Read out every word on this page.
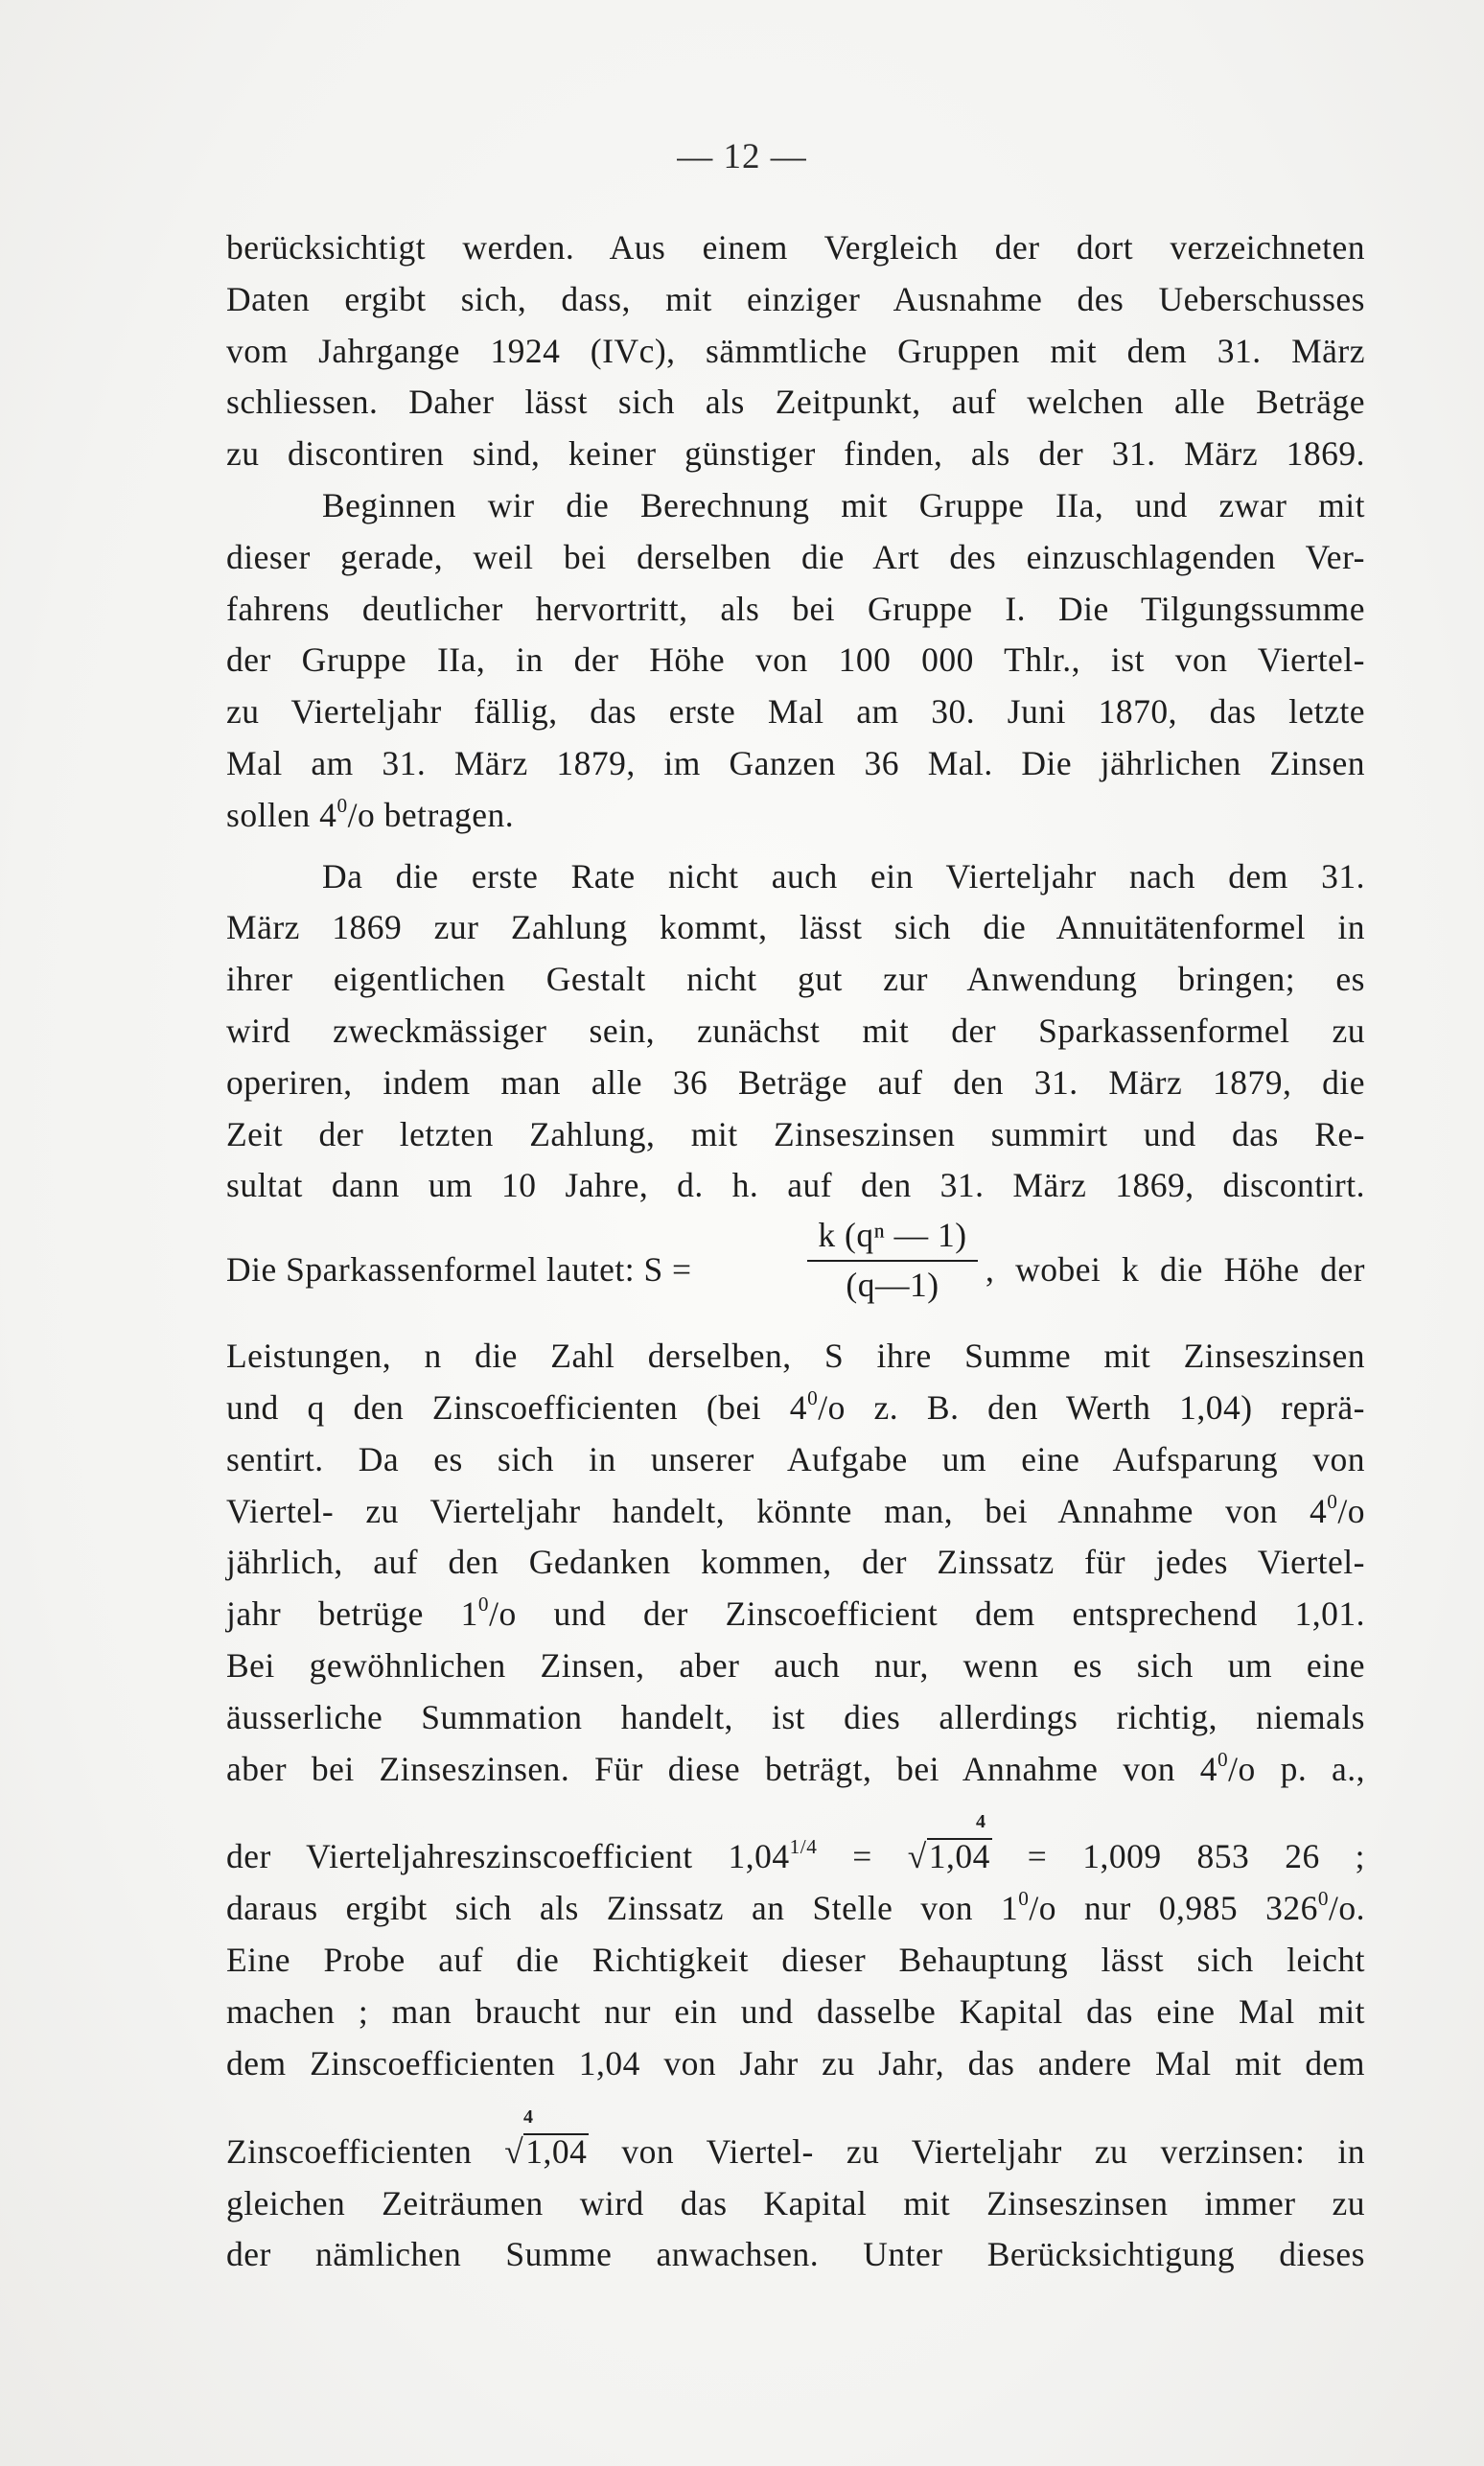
— 12 —
berücksichtigt werden. Aus einem Vergleich der dort verzeichneten
Daten ergibt sich, dass, mit einziger Ausnahme des Ueberschusses
vom Jahrgange 1924 (IVc), sämmtliche Gruppen mit dem 31. März
schliessen. Daher lässt sich als Zeitpunkt, auf welchen alle Beträge
zu discontiren sind, keiner günstiger finden, als der 31. März 1869.
Beginnen wir die Berechnung mit Gruppe IIa, und zwar mit
dieser gerade, weil bei derselben die Art des einzuschlagenden Ver-
fahrens deutlicher hervortritt, als bei Gruppe I. Die Tilgungssumme
der Gruppe IIa, in der Höhe von 100 000 Thlr., ist von Viertel-
zu Vierteljahr fällig, das erste Mal am 30. Juni 1870, das letzte
Mal am 31. März 1879, im Ganzen 36 Mal. Die jährlichen Zinsen
sollen $4^0/o$ betragen.
Da die erste Rate nicht auch ein Vierteljahr nach dem 31.
März 1869 zur Zahlung kommt, lässt sich die Annuitätenformel in
ihrer eigentlichen Gestalt nicht gut zur Anwendung bringen; es
wird zweckmässiger sein, zunächst mit der Sparkassenformel zu
operiren, indem man alle 36 Beträge auf den 31. März 1879, die
Zeit der letzten Zahlung, mit Zinseszinsen summirt und das Re-
sultat dann um 10 Jahre, d. h. auf den 31. März 1869, discontirt.
Die Sparkassenformel lautet: S =
k (qⁿ — 1)
(q—1)	, wobei k die Höhe der
Leistungen, n die Zahl derselben, S ihre Summe mit Zinseszinsen
und q den Zinscoefficienten (bei $4^0/o$ z. B. den Werth 1,04) reprä-
sentirt. Da es sich in unserer Aufgabe um eine Aufsparung von
Viertel- zu Vierteljahr handelt, könnte man, bei Annahme von $4^0/o$
jährlich, auf den Gedanken kommen, der Zinssatz für jedes Viertel-
jahr betrüge $1^0/o$ und der Zinscoefficient dem entsprechend 1,01.
Bei gewöhnlichen Zinsen, aber auch nur, wenn es sich um eine
äusserliche Summation handelt, ist dies allerdings richtig, niemals
aber bei Zinseszinsen. Für diese beträgt, bei Annahme von $4^0/o$ p. a.,
4
der Vierteljahreszinscoefficient $1,04^{1/4} = √1,04 = 1,009$ 853 26 ;
daraus ergibt sich als Zinssatz an Stelle von $1^0/o$ nur 0,985 $326^0/o$.
Eine Probe auf die Richtigkeit dieser Behauptung lässt sich leicht
machen ; man braucht nur ein und dasselbe Kapital das eine Mal mit
dem Zinscoefficienten 1,04 von Jahr zu Jahr, das andere Mal mit dem
4
Zinscoefficienten √1,04 von Viertel- zu Vierteljahr zu verzinsen: in
gleichen Zeiträumen wird das Kapital mit Zinseszinsen immer zu
der nämlichen Summe anwachsen. Unter Berücksichtigung dieses
